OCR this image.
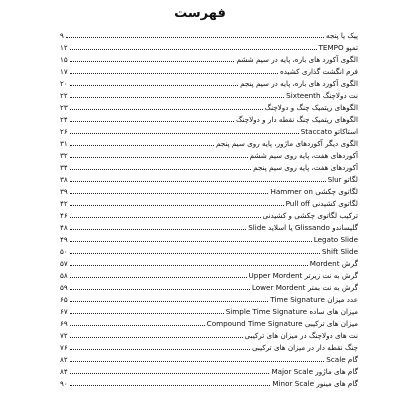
فهرست
۹	پیک یا پنجه
۱۲	تمپو TEMPO
۱۵	الگوی آکورد های باره، پایه در سیم ششم
۱۷	فرم انگشت گذاری کشیده
۲۰	الگوی آکورد های باره، پایه در سیم پنجم
۲۲	نت دولاچنگ Sixteenth
۲۳	الگوهای ریتمیک چنگ و دولاچنگ
۲۴	الگوهای ریتمیک چنگ نقطه دار و دولاچنگ
۲۶	استاکاتو Staccato
۳۱	الگوی دیگر آکوردهای ماژور، پایه روی سیم پنجم
۳۲	آکوردهای هفت، پایه روی سیم ششم
۳۴	آکوردهای هفت، پایه روی سیم پنجم
۳۸	لگاتو Slur
۳۹	لگاتوی چکشی Hammer on
۴۲	لگاتوی کشیدنی Pull off
۴۶	ترکیب لگاتوی چکشی و کشیدنی
۴۸	گلیساندو Glissando یا اسلاید Slide
۴۹	Legato Slide
۵۰	Shift Slide
۵۷	گرش Mordent
۵۸	گرش به نت زیرتر Upper Mordent
۵۹	گرش به نت بمتر Lower Mordent
۶۵	عدد میزان Time Signature
۶۷	میزان های ساده Simple Time Signature
۶۹	میزان های ترکیبی Compound Time Signature
۷۲	نت های دولاچنگ در میزان های ترکیبی
۷۶	چنگ نقطه دار در میزان های ترکیبی
۸۲	گام Scale
۸۴	گام های ماژور Major Scale
۹۰	گام های مینور Minor Scale
